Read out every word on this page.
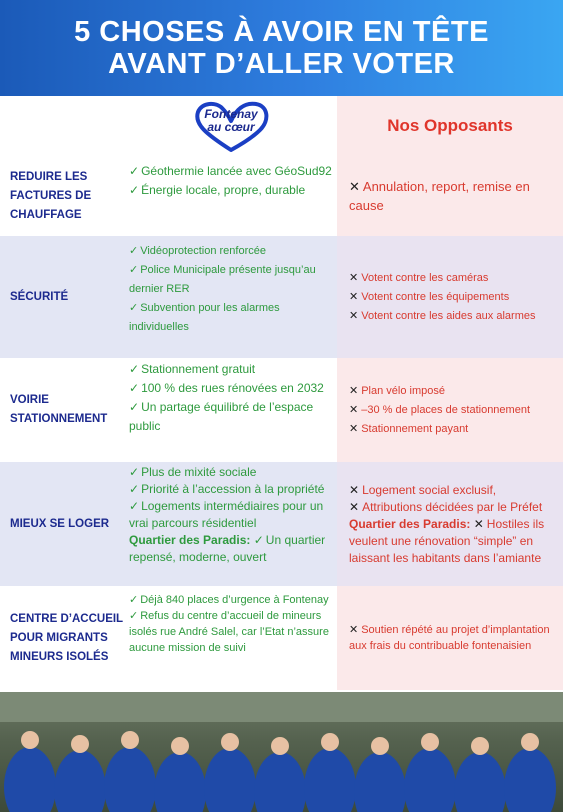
5 CHOSES À AVOIR EN TÊTE
AVANT D’ALLER VOTER
Fontenay
au cœur	Nos Opposants
REDUIRE LES FACTURES DE CHAUFFAGE
✓ Géothermie lancée avec GéoSud92
✓ Énergie locale, propre, durable	✕ Annulation, report, remise en cause
SÉCURITÉ
✓ Vidéoprotection renforcée
✓ Police Municipale présente jusqu’au dernier RER
✓ Subvention pour les alarmes individuelles
✕ Votent contre les caméras
✕ Votent contre les équipements
✕ Votent contre les aides aux alarmes
VOIRIE STATIONNEMENT
✓ Stationnement gratuit
✓ 100 % des rues rénovées en 2032
✓ Un partage équilibré de l’espace public
✕ Plan vélo imposé
✕ –30 % de places de stationnement
✕ Stationnement payant
MIEUX SE LOGER
✓ Plus de mixité sociale
✓ Priorité à l’accession à la propriété
✓ Logements intermédiaires pour un vrai parcours résidentiel
Quartier des Paradis: ✓ Un quartier repensé, moderne, ouvert
✕ Logement social exclusif,
✕ Attributions décidées par le Préfet
Quartier des Paradis: ✕ Hostiles ils veulent une rénovation “simple” en laissant les habitants dans l’amiante
CENTRE D’ACCUEIL POUR MIGRANTS MINEURS ISOLÉS
✓ Déjà 840 places d’urgence à Fontenay
✓ Refus du centre d’accueil de mineurs isolés rue André Salel, car l’Etat n’assure aucune mission de suivi
✕ Soutien répété au projet d’implantation aux frais du contribuable fontenaisien
